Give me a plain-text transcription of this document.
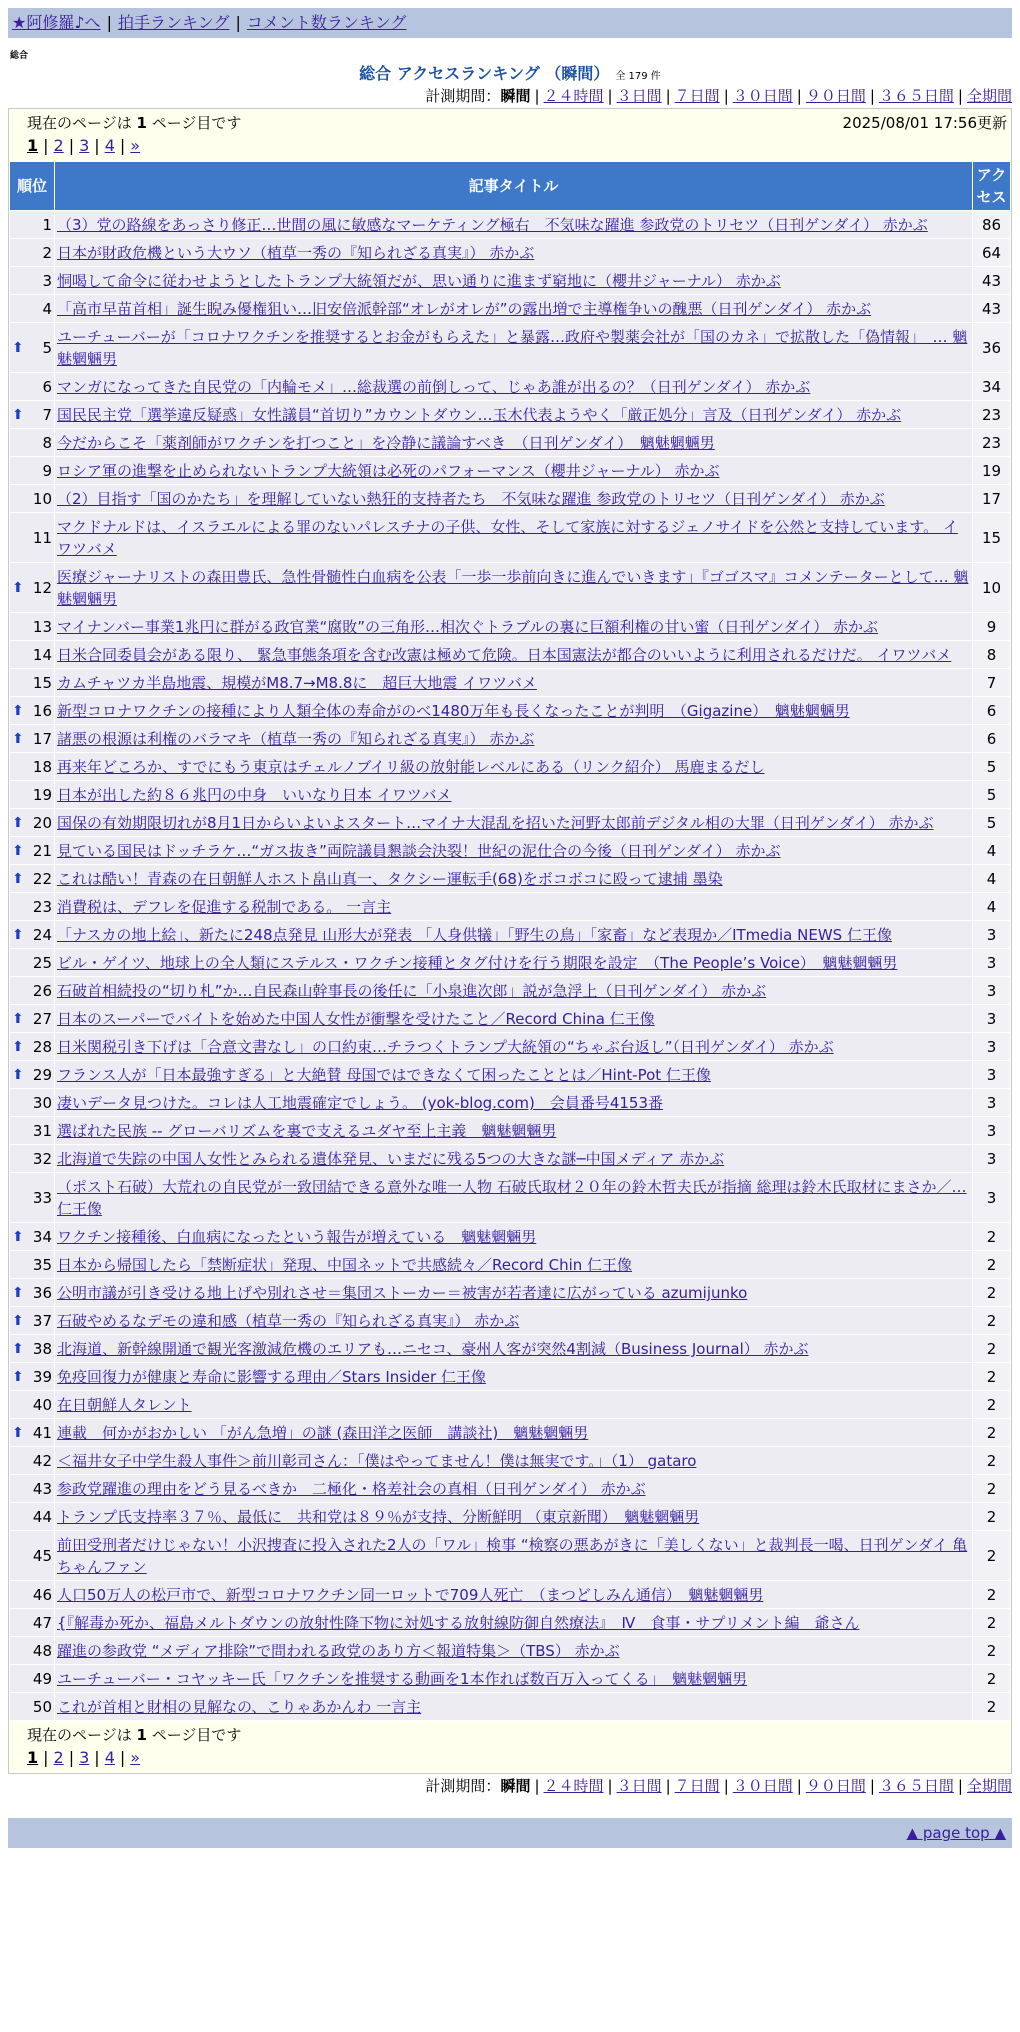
★阿修羅♪へ | 拍手ランキング | コメント数ランキング
総合
総合 アクセスランキング （瞬間） 全 179 件
計測期間：瞬間 | ２４時間 | ３日間 | ７日間 | ３０日間 | ９０日間 | ３６５日間 | 全期間
現在のページは 1 ページ目です	2025/08/01 17:56更新
1 | 2 | 3 | 4 | »
順位	記事タイトル	アクセス
1	（3）党の路線をあっさり修正…世間の風に敏感なマーケティング極右　不気味な躍進 参政党のトリセツ（日刊ゲンダイ） 赤かぶ	86
2	日本が財政危機という大ウソ（植草一秀の『知られざる真実』） 赤かぶ	64
3	恫喝して命令に従わせようとしたトランプ大統領だが、思い通りに進まず窮地に（櫻井ジャーナル） 赤かぶ	43
4	「高市早苗首相」誕生睨み優権狙い…旧安倍派幹部“オレがオレが”の露出増で主導権争いの醜悪（日刊ゲンダイ） 赤かぶ	43

⬆ 5	ユーチューバーが「コロナワクチンを推奨するとお金がもらえた」と暴露…政府や製薬会社が「国のカネ」で拡散した「偽情報」　… 魑魅魍魎男	36
6	マンガになってきた自民党の「内輪モメ」…総裁選の前倒しって、じゃあ誰が出るの？（日刊ゲンダイ） 赤かぶ	34

⬆ 7	国民民主党「選挙違反疑惑」女性議員“首切り”カウントダウン…玉木代表ようやく「厳正処分」言及（日刊ゲンダイ） 赤かぶ	23
8	今だからこそ「薬剤師がワクチンを打つこと」を冷静に議論すべき　（日刊ゲンダイ）　魑魅魍魎男	23
9	ロシア軍の進撃を止められないトランプ大統領は必死のパフォーマンス（櫻井ジャーナル） 赤かぶ	19
10	（2）目指す「国のかたち」を理解していない熱狂的支持者たち　不気味な躍進 参政党のトリセツ（日刊ゲンダイ） 赤かぶ	17
11	マクドナルドは、イスラエルによる罪のないパレスチナの子供、女性、そして家族に対するジェノサイドを公然と支持しています。 イワツバメ	15

⬆ 12	医療ジャーナリストの森田豊氏、急性骨髄性白血病を公表「一歩一歩前向きに進んでいきます」『ゴゴスマ』コメンテーターとして… 魑魅魍魎男	10
13	マイナンバー事業1兆円に群がる政官業“腐敗”の三角形…相次ぐトラブルの裏に巨額利権の甘い蜜（日刊ゲンダイ） 赤かぶ	9
14	日米合同委員会がある限り、 緊急事態条項を含む改憲は極めて危険。日本国憲法が都合のいいように利用されるだけだ。 イワツバメ	8
15	カムチャツカ半島地震、規模がM8.7→M8.8に　超巨大地震 イワツバメ	7

⬆ 16	新型コロナワクチンの接種により人類全体の寿命がのべ1480万年も長くなったことが判明　（Gigazine）　魑魅魍魎男	6

⬆ 17	諸悪の根源は利権のバラマキ（植草一秀の『知られざる真実』） 赤かぶ	6
18	再来年どころか、すでにもう東京はチェルノブイリ級の放射能レベルにある（リンク紹介） 馬鹿まるだし	5
19	日本が出した約８６兆円の中身　いいなり日本 イワツバメ	5

⬆ 20	国保の有効期限切れが8月1日からいよいよスタート…マイナ大混乱を招いた河野太郎前デジタル相の大罪（日刊ゲンダイ） 赤かぶ	5

⬆ 21	見ている国民はドッチラケ…“ガス抜き”両院議員懇談会決裂！世紀の泥仕合の今後（日刊ゲンダイ） 赤かぶ	4

⬆ 22	これは酷い！青森の在日朝鮮人ホスト畠山真一、タクシー運転手(68)をボコボコに殴って逮捕 墨染	4
23	消費税は、デフレを促進する税制である。 一言主	4

⬆ 24	「ナスカの地上絵」、新たに248点発見 山形大が発表 「人身供犠」「野生の鳥」「家畜」など表現か／ITmedia NEWS 仁王像	3
25	ビル・ゲイツ、地球上の全人類にステルス・ワクチン接種とタグ付けを行う期限を設定　（The People’s Voice）　魑魅魍魎男	3
26	石破首相続投の“切り札”か…自民森山幹事長の後任に「小泉進次郎」説が急浮上（日刊ゲンダイ） 赤かぶ	3

⬆ 27	日本のスーパーでバイトを始めた中国人女性が衝撃を受けたこと／Record China 仁王像	3

⬆ 28	日米関税引き下げは「合意文書なし」の口約束…チラつくトランプ大統領の“ちゃぶ台返し”（日刊ゲンダイ） 赤かぶ	3

⬆ 29	フランス人が「日本最強すぎる」と大絶賛 母国ではできなくて困ったこととは／Hint-Pot 仁王像	3
30	凄いデータ見つけた。コレは人工地震確定でしょう。 (yok-blog.com)　会員番号4153番	3
31	選ばれた民族 -- グローバリズムを裏で支えるユダヤ至上主義　魑魅魍魎男	3
32	北海道で失踪の中国人女性とみられる遺体発見、いまだに残る5つの大きな謎─中国メディア 赤かぶ	3
33	（ポスト石破）大荒れの自民党が一致団結できる意外な唯一人物 石破氏取材２０年の鈴木哲夫氏が指摘 総理は鈴木氏取材にまさか／… 仁王像	3

⬆ 34	ワクチン接種後、白血病になったという報告が増えている　魑魅魍魎男	2
35	日本から帰国したら「禁断症状」発現、中国ネットで共感続々／Record Chin 仁王像	2

⬆ 36	公明市議が引き受ける地上げや別れさせ＝集団ストーカー＝被害が若者達に広がっている azumijunko	2

⬆ 37	石破やめるなデモの違和感（植草一秀の『知られざる真実』） 赤かぶ	2

⬆ 38	北海道、新幹線開通で観光客激減危機のエリアも…ニセコ、豪州人客が突然4割減（Business Journal） 赤かぶ	2

⬆ 39	免疫回復力が健康と寿命に影響する理由／Stars Insider 仁王像	2
40	在日朝鮮人タレント	2

⬆ 41	連載　何かがおかしい 「がん急増」の謎 (森田洋之医師　講談社)　魑魅魍魎男	2
42	＜福井女子中学生殺人事件＞前川彰司さん：「僕はやってません！僕は無実です。」（1） gataro	2
43	参政党躍進の理由をどう見るべきか　二極化・格差社会の真相（日刊ゲンダイ） 赤かぶ	2
44	トランプ氏支持率３７％、最低に　共和党は８９％が支持、分断鮮明 （東京新聞）　魑魅魍魎男	2
45	前田受刑者だけじゃない！小沢捜査に投入された2人の「ワル」検事 “検察の悪あがきに「美しくない」と裁判長一喝、日刊ゲンダイ 亀ちゃんファン	2
46	人口50万人の松戸市で、新型コロナワクチン同一ロットで709人死亡　（まつどしみん通信）　魑魅魍魎男	2
47	{『解毒か死か、福島メルトダウンの放射性降下物に対処する放射線防御自然療法』　Ⅳ　食事・サプリメント編　爺さん	2
48	躍進の参政党 “メディア排除”で問われる政党のあり方＜報道特集＞（TBS） 赤かぶ	2
49	ユーチューバー・コヤッキー氏「ワクチンを推奨する動画を1本作れば数百万入ってくる」　魑魅魍魎男	2
50	これが首相と財相の見解なの、こりゃあかんわ 一言主	2
現在のページは 1 ページ目です
1 | 2 | 3 | 4 | »
計測期間：瞬間 | ２４時間 | ３日間 | ７日間 | ３０日間 | ９０日間 | ３６５日間 | 全期間
▲ page top ▲
